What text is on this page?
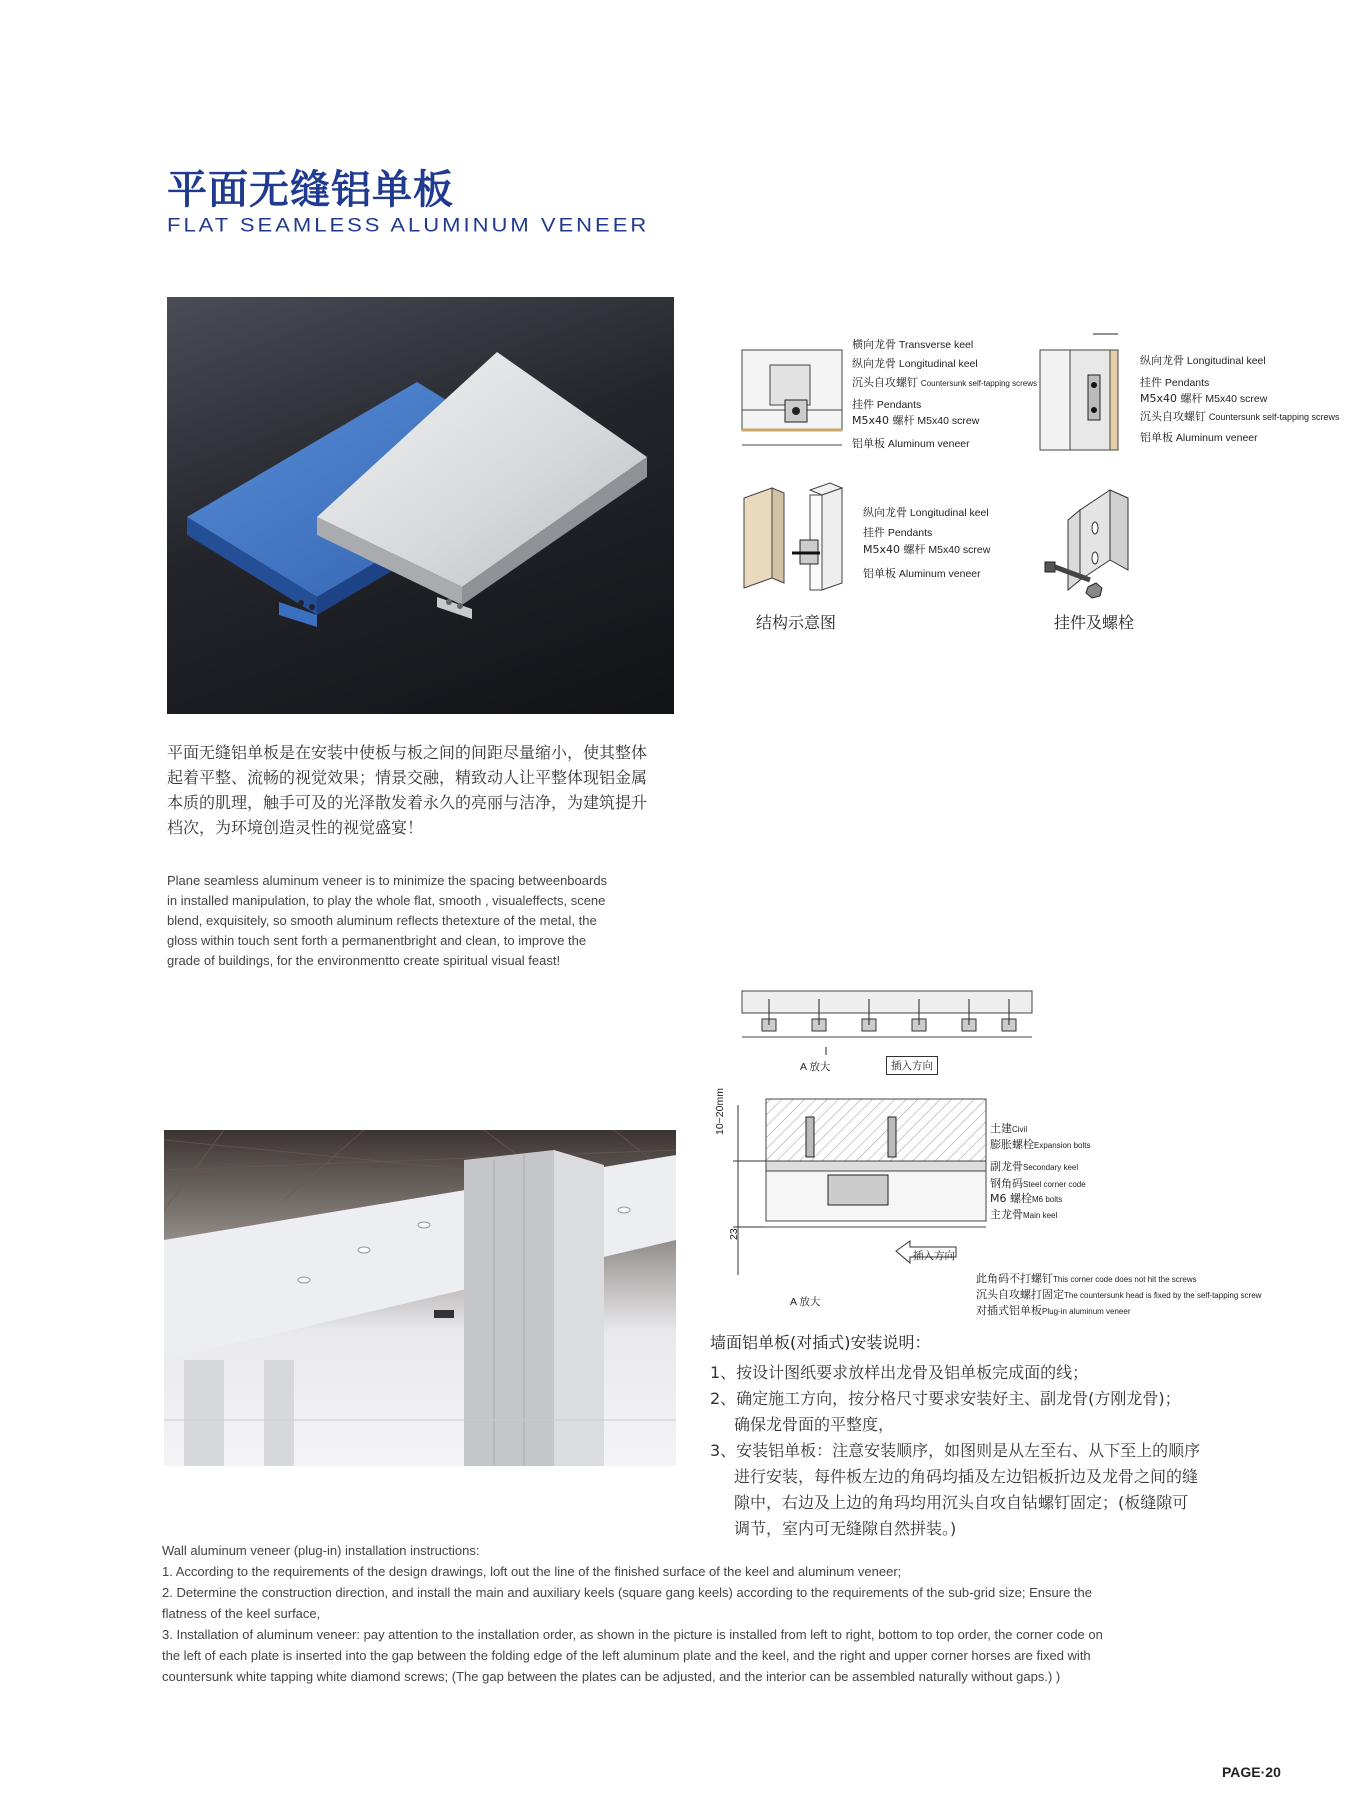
平面无缝铝单板
FLAT SEAMLESS ALUMINUM VENEER
平面无缝铝单板是在安装中使板与板之间的间距尽量缩小，使其整体
起着平整、流畅的视觉效果；情景交融，精致动人让平整体现铝金属
本质的肌理，触手可及的光泽散发着永久的亮丽与洁净，为建筑提升
档次，为环境创造灵性的视觉盛宴！
Plane seamless aluminum veneer is to minimize the spacing betweenboards
in installed manipulation, to play the whole flat, smooth , visualeffects, scene
blend, exquisitely, so smooth aluminum reflects thetexture of the metal, the
gloss within touch sent forth a permanentbright and clean, to improve the
grade of buildings, for the environmentto create spiritual visual feast!
横向龙骨 Transverse keel
纵向龙骨 Longitudinal keel
沉头自攻螺钉 Countersunk self-tapping screws
挂件 Pendants
M5x40 螺杆 M5x40 screw
铝单板 Aluminum veneer
纵向龙骨 Longitudinal keel
挂件 Pendants
M5x40 螺杆 M5x40 screw
沉头自攻螺钉 Countersunk self-tapping screws
铝单板 Aluminum veneer
纵向龙骨 Longitudinal keel
挂件 Pendants
M5x40 螺杆 M5x40 screw
铝单板 Aluminum veneer
结构示意图	挂件及螺栓
A 放大	插入方向
10~20mm
23
插入方向
土建Civil
膨胀螺栓Expansion bolts
副龙骨Secondary keel
钢角码Steel corner code
M6 螺栓M6 bolts
主龙骨Main keel
A 放大
此角码不打螺钉This corner code does not hit the screws
沉头自攻螺打固定The countersunk head is fixed by the self-tapping screw
对插式铝单板Plug-in aluminum veneer
墙面铝单板(对插式)安装说明：
1、按设计图纸要求放样出龙骨及铝单板完成面的线；
2、确定施工方向，按分格尺寸要求安装好主、副龙骨(方刚龙骨)；
确保龙骨面的平整度，
3、安装铝单板：注意安装顺序，如图则是从左至右、从下至上的顺序
进行安装，每件板左边的角码均插及左边铝板折边及龙骨之间的缝
隙中，右边及上边的角玛均用沉头自攻自钻螺钉固定；(板缝隙可
调节，室内可无缝隙自然拼装。)
Wall aluminum veneer (plug-in) installation instructions:
1. According to the requirements of the design drawings, loft out the line of the finished surface of the keel and aluminum veneer;
2. Determine the construction direction, and install the main and auxiliary keels (square gang keels) according to the requirements of the sub-grid size; Ensure the
flatness of the keel surface,
3. Installation of aluminum veneer: pay attention to the installation order, as shown in the picture is installed from left to right, bottom to top order, the corner code on
the left of each plate is inserted into the gap between the folding edge of the left aluminum plate and the keel, and the right and upper corner horses are fixed with
countersunk white tapping white diamond screws; (The gap between the plates can be adjusted, and the interior can be assembled naturally without gaps.) )
PAGE·20
